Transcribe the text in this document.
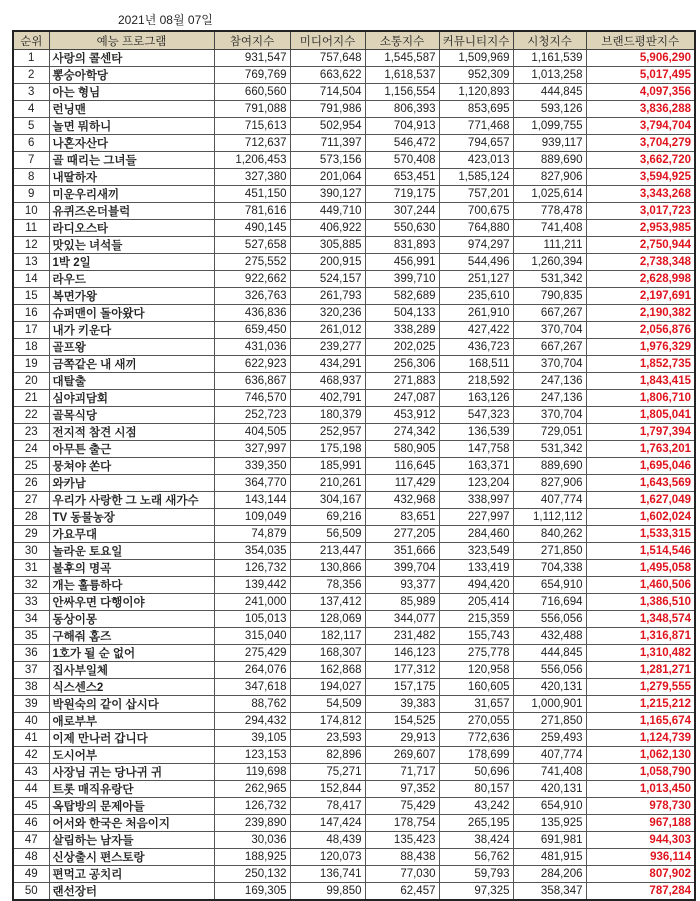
2021년 08월 07일
순위	예능 프로그램	참여지수	미디어지수	소통지수	커뮤니티지수	시청지수	브랜드평판지수
1	사랑의 콜센타	931,547	757,648	1,545,587	1,509,969	1,161,539	5,906,290
2	뽕숭아학당	769,769	663,622	1,618,537	952,309	1,013,258	5,017,495
3	아는 형님	660,560	714,504	1,156,554	1,120,893	444,845	4,097,356
4	런닝맨	791,088	791,986	806,393	853,695	593,126	3,836,288
5	놀면 뭐하니	715,613	502,954	704,913	771,468	1,099,755	3,794,704
6	나혼자산다	712,637	711,397	546,472	794,657	939,117	3,704,279
7	골 때리는 그녀들	1,206,453	573,156	570,408	423,013	889,690	3,662,720
8	내딸하자	327,380	201,064	653,451	1,585,124	827,906	3,594,925
9	미운우리새끼	451,150	390,127	719,175	757,201	1,025,614	3,343,268
10	유퀴즈온더블럭	781,616	449,710	307,244	700,675	778,478	3,017,723
11	라디오스타	490,145	406,922	550,630	764,880	741,408	2,953,985
12	맛있는 녀석들	527,658	305,885	831,893	974,297	111,211	2,750,944
13	1박 2일	275,552	200,915	456,991	544,496	1,260,394	2,738,348
14	라우드	922,662	524,157	399,710	251,127	531,342	2,628,998
15	복면가왕	326,763	261,793	582,689	235,610	790,835	2,197,691
16	슈퍼맨이 돌아왔다	436,836	320,236	504,133	261,910	667,267	2,190,382
17	내가 키운다	659,450	261,012	338,289	427,422	370,704	2,056,876
18	골프왕	431,036	239,277	202,025	436,723	667,267	1,976,329
19	금쪽같은 내 새끼	622,923	434,291	256,306	168,511	370,704	1,852,735
20	대탈출	636,867	468,937	271,883	218,592	247,136	1,843,415
21	심야괴담회	746,570	402,791	247,087	163,126	247,136	1,806,710
22	골목식당	252,723	180,379	453,912	547,323	370,704	1,805,041
23	전지적 참견 시점	404,505	252,957	274,342	136,539	729,051	1,797,394
24	아무튼 출근	327,997	175,198	580,905	147,758	531,342	1,763,201
25	뭉쳐야 쏜다	339,350	185,991	116,645	163,371	889,690	1,695,046
26	와카남	364,770	210,261	117,429	123,204	827,906	1,643,569
27	우리가 사랑한 그 노래 새가수	143,144	304,167	432,968	338,997	407,774	1,627,049
28	TV 동물농장	109,049	69,216	83,651	227,997	1,112,112	1,602,024
29	가요무대	74,879	56,509	277,205	284,460	840,262	1,533,315
30	놀라운 토요일	354,035	213,447	351,666	323,549	271,850	1,514,546
31	불후의 명곡	126,732	130,866	399,704	133,419	704,338	1,495,058
32	개는 훌륭하다	139,442	78,356	93,377	494,420	654,910	1,460,506
33	안싸우면 다행이야	241,000	137,412	85,989	205,414	716,694	1,386,510
34	동상이몽	105,013	128,069	344,077	215,359	556,056	1,348,574
35	구해줘 홈즈	315,040	182,117	231,482	155,743	432,488	1,316,871
36	1호가 될 순 없어	275,429	168,307	146,123	275,778	444,845	1,310,482
37	집사부일체	264,076	162,868	177,312	120,958	556,056	1,281,271
38	식스센스2	347,618	194,027	157,175	160,605	420,131	1,279,555
39	박원숙의 같이 삽시다	88,762	54,509	39,383	31,657	1,000,901	1,215,212
40	애로부부	294,432	174,812	154,525	270,055	271,850	1,165,674
41	이제 만나러 갑니다	39,105	23,593	29,913	772,636	259,493	1,124,739
42	도시어부	123,153	82,896	269,607	178,699	407,774	1,062,130
43	사장님 귀는 당나귀 귀	119,698	75,271	71,717	50,696	741,408	1,058,790
44	트롯 매직유랑단	262,965	152,844	97,352	80,157	420,131	1,013,450
45	옥탑방의 문제아들	126,732	78,417	75,429	43,242	654,910	978,730
46	어서와 한국은 처음이지	239,890	147,424	178,754	265,195	135,925	967,188
47	살림하는 남자들	30,036	48,439	135,423	38,424	691,981	944,303
48	신상출시 편스토랑	188,925	120,073	88,438	56,762	481,915	936,114
49	편먹고 공치리	250,132	136,741	77,030	59,793	284,206	807,902
50	랜선장터	169,305	99,850	62,457	97,325	358,347	787,284
